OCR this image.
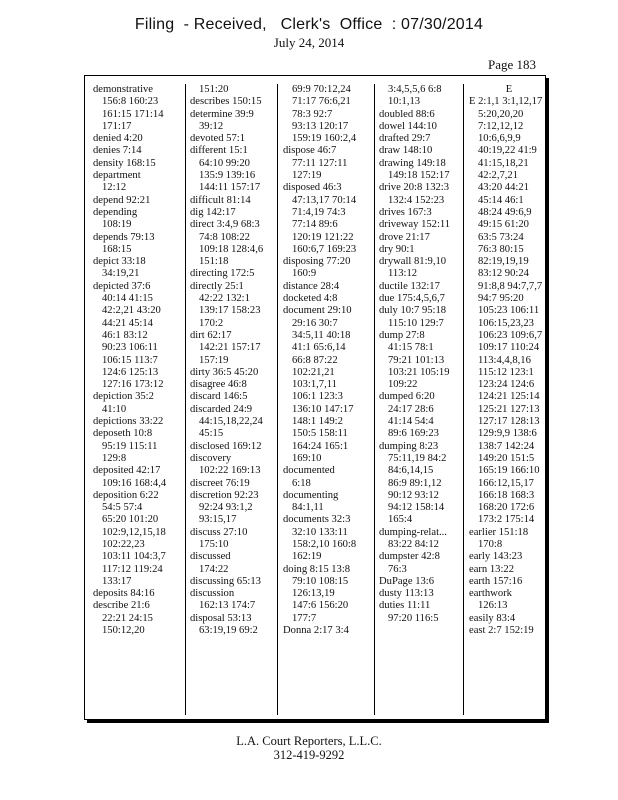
Filing  - Received,   Clerk's  Office  : 07/30/2014
July 24, 2014
Page 183
demonstrative
156:8 160:23
161:15 171:14
171:17
denied 4:20
denies 7:14
density 168:15
department
12:12
depend 92:21
depending
108:19
depends 79:13
168:15
depict 33:18
34:19,21
depicted 37:6
40:14 41:15
42:2,21 43:20
44:21 45:14
46:1 83:12
90:23 106:11
106:15 113:7
124:6 125:13
127:16 173:12
depiction 35:2
41:10
depictions 33:22
deposeth 10:8
95:19 115:11
129:8
deposited 42:17
109:16 168:4,4
deposition 6:22
54:5 57:4
65:20 101:20
102:9,12,15,18
102:22,23
103:11 104:3,7
117:12 119:24
133:17
deposits 84:16
describe 21:6
22:21 24:15
150:12,20
151:20
describes 150:15
determine 39:9
39:12
devoted 57:1
different 15:1
64:10 99:20
135:9 139:16
144:11 157:17
difficult 81:14
dig 142:17
direct 3:4,9 68:3
74:8 108:22
109:18 128:4,6
151:18
directing 172:5
directly 25:1
42:22 132:1
139:17 158:23
170:2
dirt 62:17
142:21 157:17
157:19
dirty 36:5 45:20
disagree 46:8
discard 146:5
discarded 24:9
44:15,18,22,24
45:15
disclosed 169:12
discovery
102:22 169:13
discreet 76:19
discretion 92:23
92:24 93:1,2
93:15,17
discuss 27:10
175:10
discussed
174:22
discussing 65:13
discussion
162:13 174:7
disposal 53:13
63:19,19 69:2
69:9 70:12,24
71:17 76:6,21
78:3 92:7
93:13 120:17
159:19 160:2,4
dispose 46:7
77:11 127:11
127:19
disposed 46:3
47:13,17 70:14
71:4,19 74:3
77:14 89:6
120:19 121:22
160:6,7 169:23
disposing 77:20
160:9
distance 28:4
docketed 4:8
document 29:10
29:16 30:7
34:5,11 40:18
41:1 65:6,14
66:8 87:22
102:21,21
103:1,7,11
106:1 123:3
136:10 147:17
148:1 149:2
150:5 158:11
164:24 165:1
169:10
documented
6:18
documenting
84:1,11
documents 32:3
32:10 133:11
158:2,10 160:8
162:19
doing 8:15 13:8
79:10 108:15
126:13,19
147:6 156:20
177:7
Donna 2:17 3:4
3:4,5,5,6 6:8
10:1,13
doubled 88:6
dowel 144:10
drafted 29:7
draw 148:10
drawing 149:18
149:18 152:17
drive 20:8 132:3
132:4 152:23
drives 167:3
driveway 152:11
drove 21:17
dry 90:1
drywall 81:9,10
113:12
ductile 132:17
due 175:4,5,6,7
duly 10:7 95:18
115:10 129:7
dump 27:8
41:15 78:1
79:21 101:13
103:21 105:19
109:22
dumped 6:20
24:17 28:6
41:14 54:4
89:6 169:23
dumping 8:23
75:11,19 84:2
84:6,14,15
86:9 89:1,12
90:12 93:12
94:12 158:14
165:4
dumping-relat...
83:22 84:12
dumpster 42:8
76:3
DuPage 13:6
dusty 113:13
duties 11:11
97:20 116:5
E
E 2:1,1 3:1,12,17
5:20,20,20
7:12,12,12
10:6,6,9,9
40:19,22 41:9
41:15,18,21
42:2,7,21
43:20 44:21
45:14 46:1
48:24 49:6,9
49:15 61:20
63:5 73:24
76:3 80:15
82:19,19,19
83:12 90:24
91:8,8 94:7,7,7
94:7 95:20
105:23 106:11
106:15,23,23
106:23 109:6,7
109:17 110:24
113:4,4,8,16
115:12 123:1
123:24 124:6
124:21 125:14
125:21 127:13
127:17 128:13
129:9,9 138:6
138:7 142:24
149:20 151:5
165:19 166:10
166:12,15,17
166:18 168:3
168:20 172:6
173:2 175:14
earlier 151:18
170:8
early 143:23
earn 13:22
earth 157:16
earthwork
126:13
easily 83:4
east 2:7 152:19
L.A. Court Reporters, L.L.C.
312-419-9292
